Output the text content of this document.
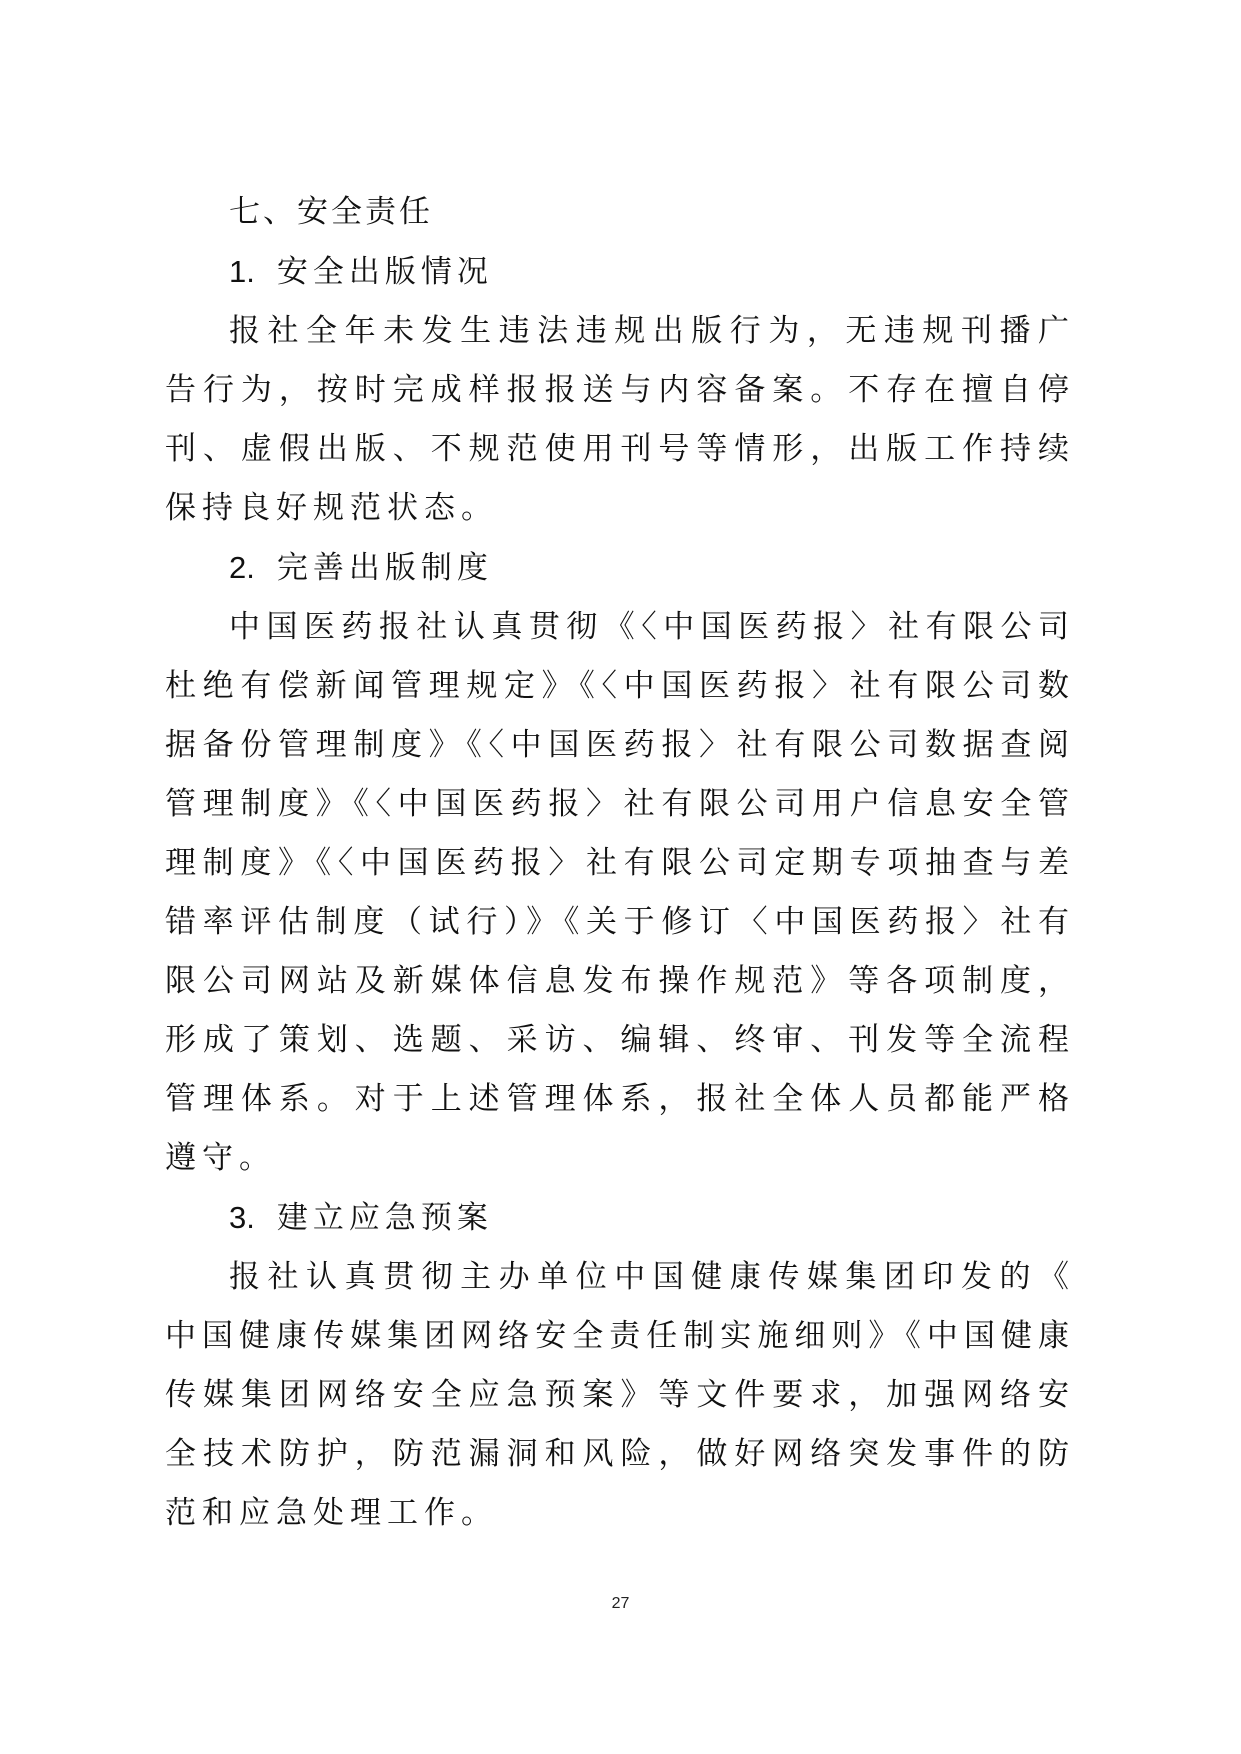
七、安全责任

1. 安全出版情况

报社全年未发生违法违规出版行为，无违规刊播广告行为，按时完成样报报送与内容备案。不存在擅自停刊、虚假出版、不规范使用刊号等情形，出版工作持续保持良好规范状态。

2. 完善出版制度

中国医药报社认真贯彻《〈中国医药报〉社有限公司杜绝有偿新闻管理规定》《〈中国医药报〉社有限公司数据备份管理制度》《〈中国医药报〉社有限公司数据查阅管理制度》《〈中国医药报〉社有限公司用户信息安全管理制度》《〈中国医药报〉社有限公司定期专项抽查与差错率评估制度（试行）》《关于修订〈中国医药报〉社有限公司网站及新媒体信息发布操作规范》等各项制度，形成了策划、选题、采访、编辑、终审、刊发等全流程管理体系。对于上述管理体系，报社全体人员都能严格遵守。

3. 建立应急预案

报社认真贯彻主办单位中国健康传媒集团印发的《中国健康传媒集团网络安全责任制实施细则》《中国健康传媒集团网络安全应急预案》等文件要求，加强网络安全技术防护，防范漏洞和风险，做好网络突发事件的防范和应急处理工作。

27
